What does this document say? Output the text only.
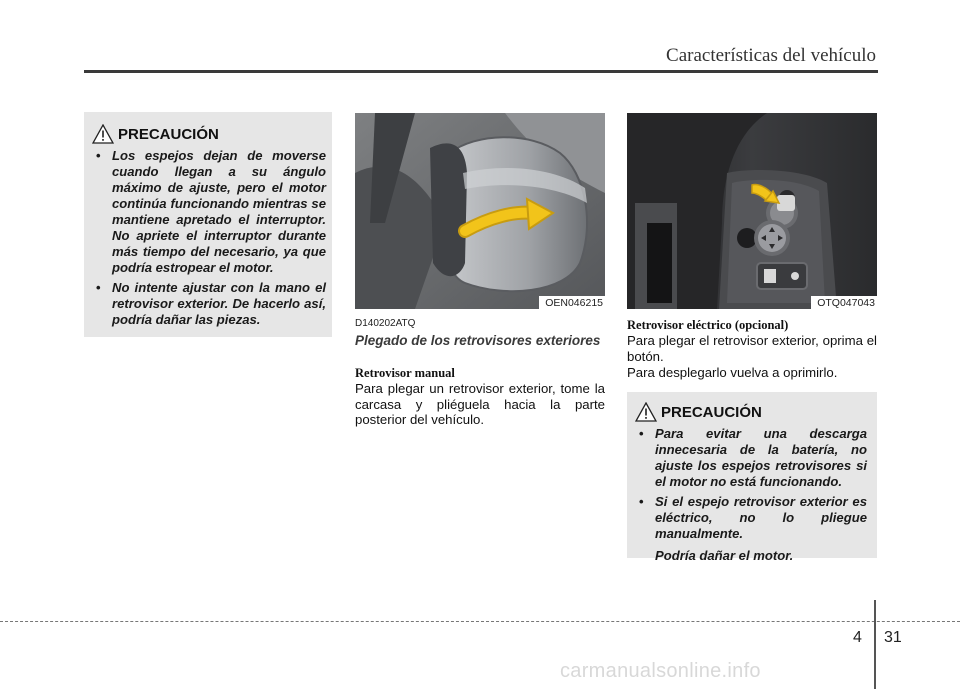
Características del vehículo
PRECAUCIÓN
• Los espejos dejan de moverse cuando llegan a su ángulo máximo de ajuste, pero el motor continúa funcionando mientras se mantiene apretado el interruptor. No apriete el interruptor durante más tiempo del necesario, ya que podría estropear el motor.
• No intente ajustar con la mano el retrovisor exterior. De hacerlo así, podría dañar las piezas.
OEN046215	OTQ047043
D140202ATQ
Plegado de los retrovisores exteriores
Retrovisor manual
Para plegar un retrovisor exterior, tome la carcasa y pliéguela hacia la parte posterior del vehículo.
Retrovisor eléctrico (opcional)
Para plegar el retrovisor exterior, oprima el botón.
Para desplegarlo vuelva a oprimirlo.
PRECAUCIÓN
• Para evitar una descarga innecesaria de la batería, no ajuste los espejos retrovisores si el motor no está funcionando.
• Si el espejo retrovisor exterior es eléctrico, no lo pliegue manualmente.
Podría dañar el motor.
4 31
carmanualsonline.info
